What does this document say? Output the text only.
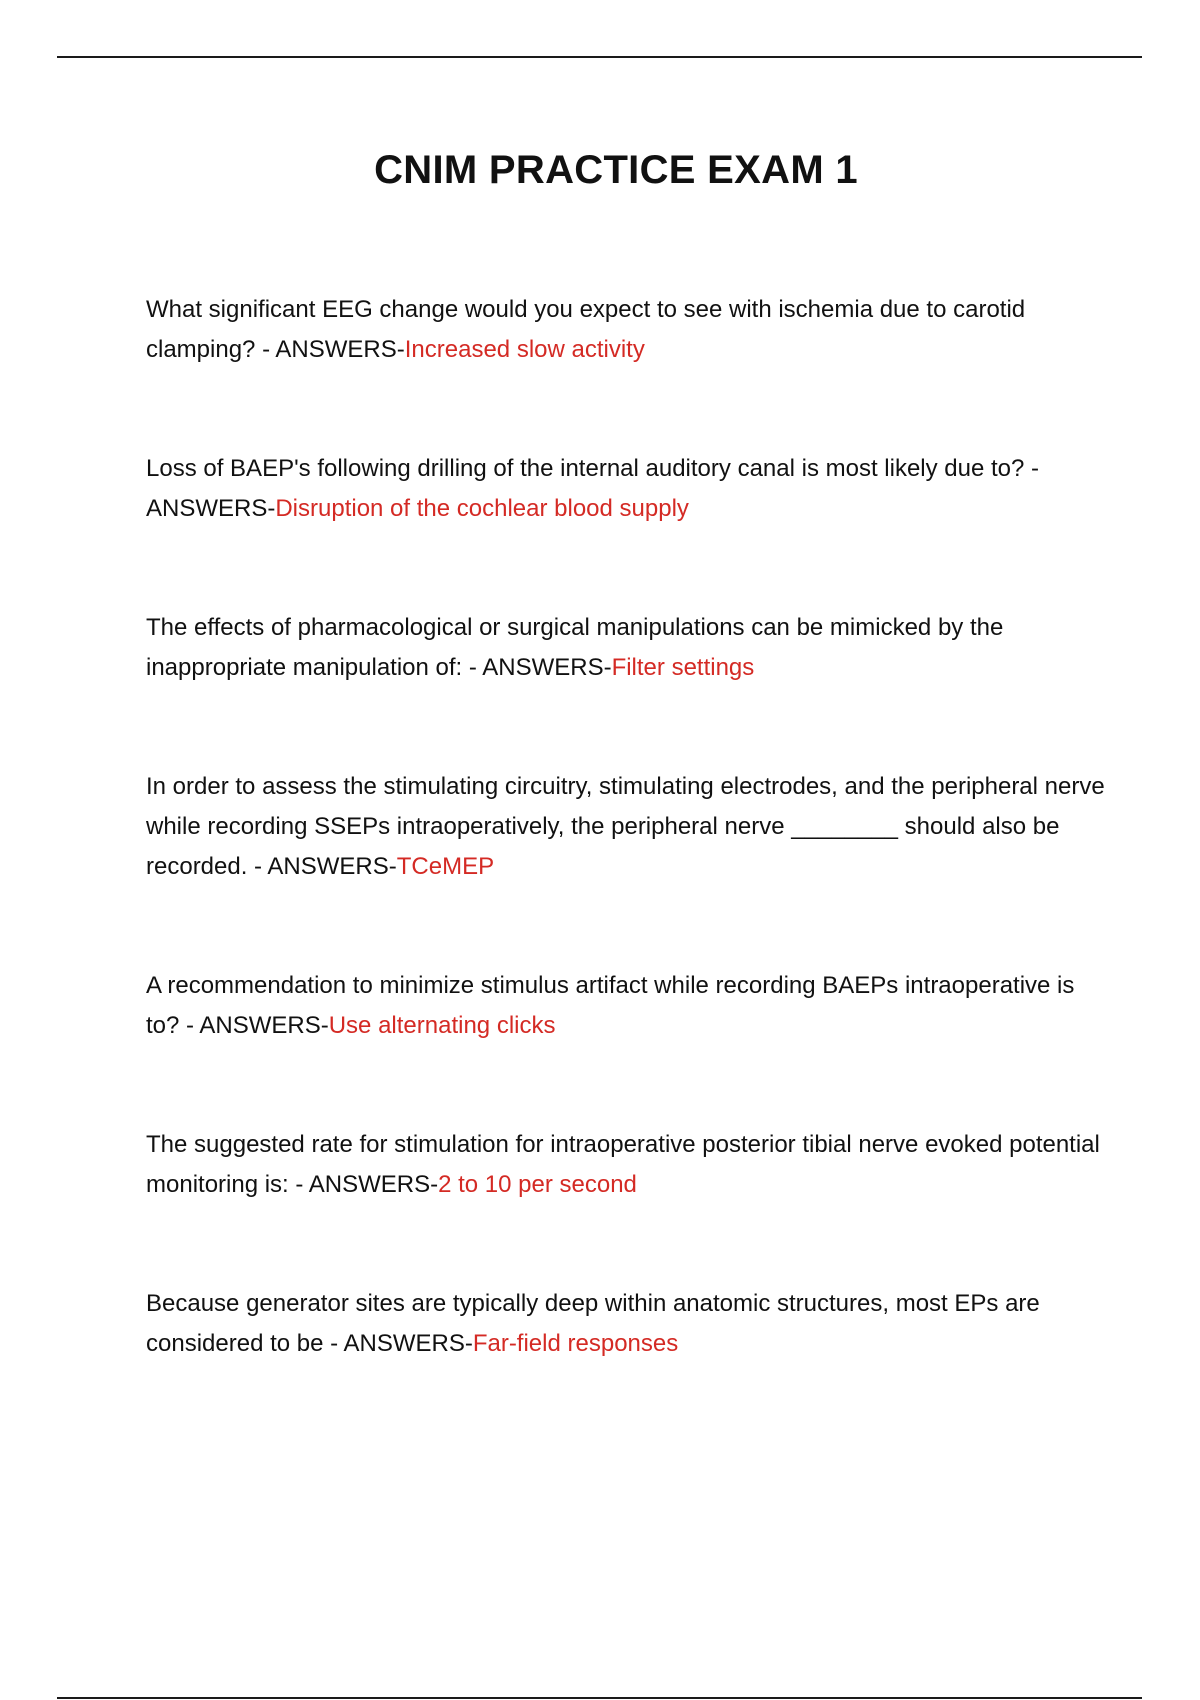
CNIM PRACTICE EXAM 1

What significant EEG change would you expect to see with ischemia due to carotid clamping? - ANSWERS-Increased slow activity

Loss of BAEP's following drilling of the internal auditory canal is most likely due to? - ANSWERS-Disruption of the cochlear blood supply

The effects of pharmacological or surgical manipulations can be mimicked by the inappropriate manipulation of: - ANSWERS-Filter settings

In order to assess the stimulating circuitry, stimulating electrodes, and the peripheral nerve while recording SSEPs intraoperatively, the peripheral nerve ________ should also be recorded. - ANSWERS-TCeMEP

A recommendation to minimize stimulus artifact while recording BAEPs intraoperative is to? - ANSWERS-Use alternating clicks

The suggested rate for stimulation for intraoperative posterior tibial nerve evoked potential monitoring is: - ANSWERS-2 to 10 per second

Because generator sites are typically deep within anatomic structures, most EPs are considered to be - ANSWERS-Far-field responses
